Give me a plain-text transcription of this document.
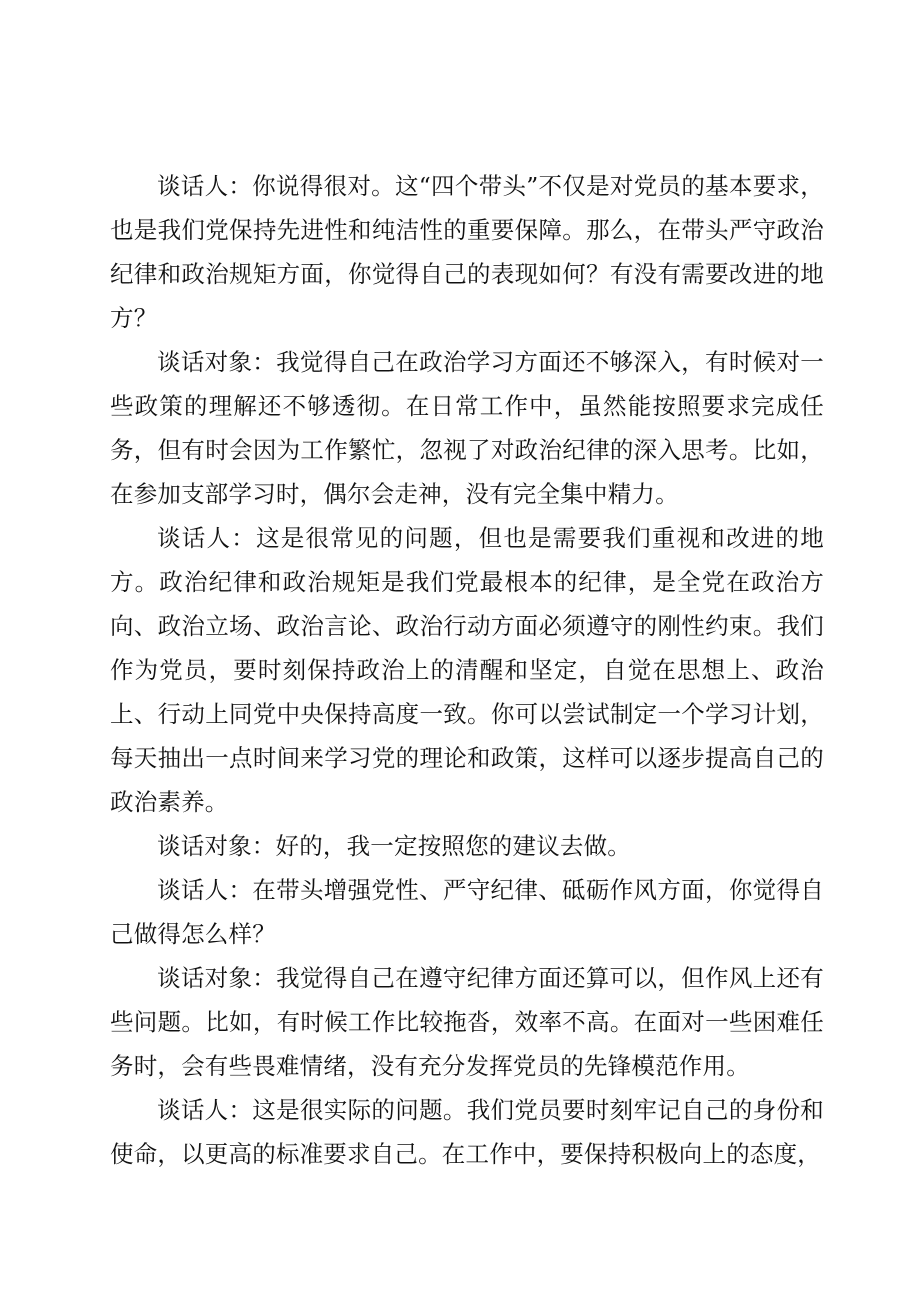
谈话人：你说得很对。这“四个带头”不仅是对党员的基本要求，也是我们党保持先进性和纯洁性的重要保障。那么，在带头严守政治纪律和政治规矩方面，你觉得自己的表现如何？有没有需要改进的地方？

谈话对象：我觉得自己在政治学习方面还不够深入，有时候对一些政策的理解还不够透彻。在日常工作中，虽然能按照要求完成任务，但有时会因为工作繁忙，忽视了对政治纪律的深入思考。比如，在参加支部学习时，偶尔会走神，没有完全集中精力。

谈话人：这是很常见的问题，但也是需要我们重视和改进的地方。政治纪律和政治规矩是我们党最根本的纪律，是全党在政治方向、政治立场、政治言论、政治行动方面必须遵守的刚性约束。我们作为党员，要时刻保持政治上的清醒和坚定，自觉在思想上、政治上、行动上同党中央保持高度一致。你可以尝试制定一个学习计划，每天抽出一点时间来学习党的理论和政策，这样可以逐步提高自己的政治素养。

谈话对象：好的，我一定按照您的建议去做。

谈话人：在带头增强党性、严守纪律、砥砺作风方面，你觉得自己做得怎么样？

谈话对象：我觉得自己在遵守纪律方面还算可以，但作风上还有些问题。比如，有时候工作比较拖沓，效率不高。在面对一些困难任务时，会有些畏难情绪，没有充分发挥党员的先锋模范作用。

谈话人：这是很实际的问题。我们党员要时刻牢记自己的身份和使命，以更高的标准要求自己。在工作中，要保持积极向上的态度，
